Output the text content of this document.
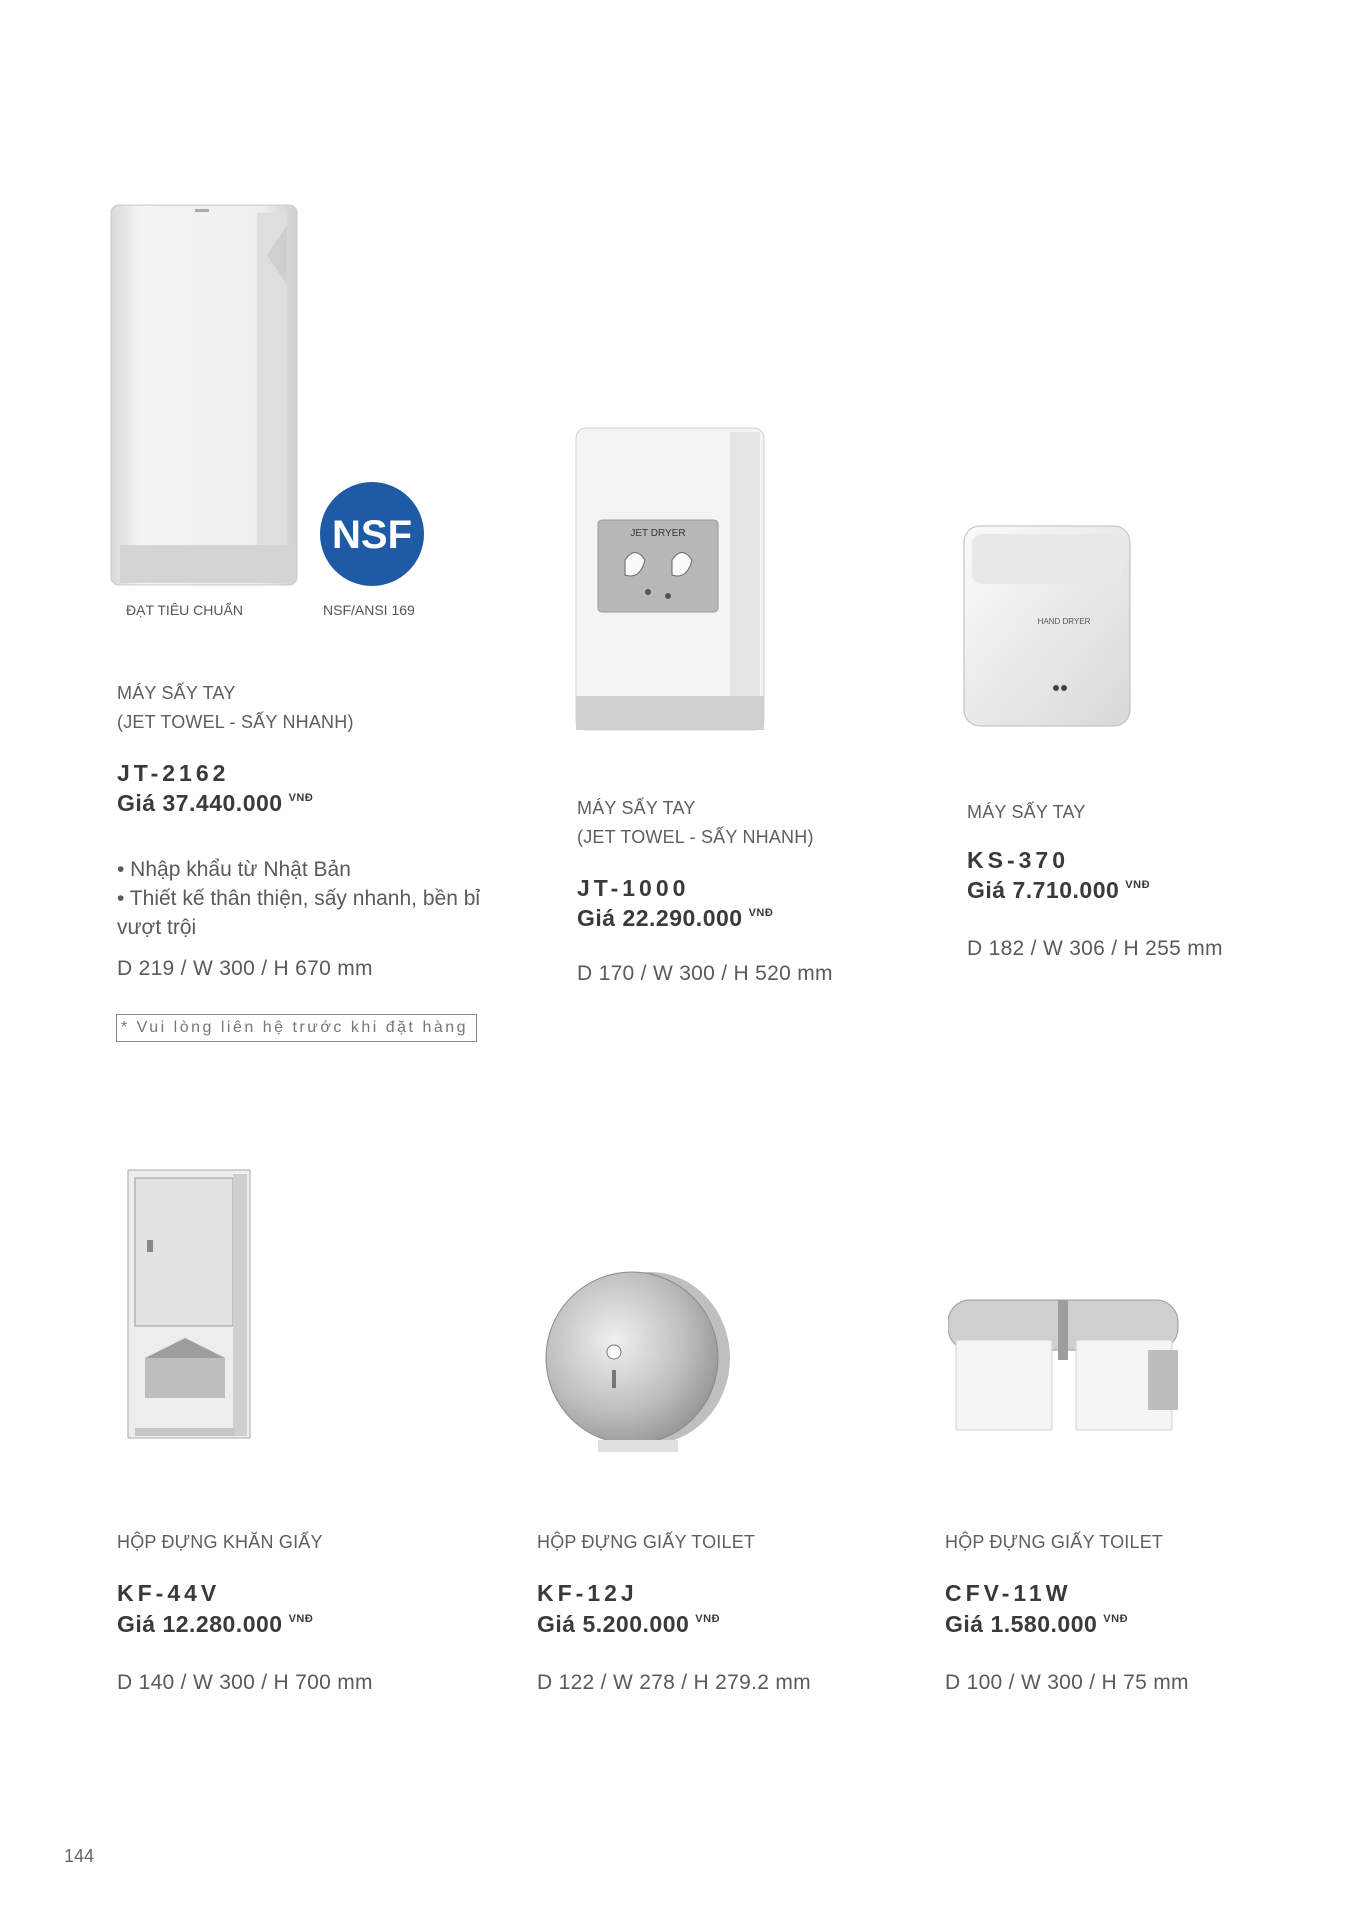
NSF
ĐẠT TIÊU CHUẨN	NSF/ANSI 169
MÁY SẤY TAY
(JET TOWEL - SẤY NHANH)
JT-2162
Giá 37.440.000 $^{VNĐ}$
• Nhập khẩu từ Nhật Bản
• Thiết kế thân thiện, sấy nhanh, bền bỉ vượt trội
D 219 / W 300 / H 670 mm
* Vui lòng liên hệ trước khi đặt hàng
JET DRYER
MÁY SẤY TAY
(JET TOWEL - SẤY NHANH)
JT-1000
Giá 22.290.000 $^{VNĐ}$
D 170 / W 300 / H 520 mm
HAND DRYER
MÁY SẤY TAY
KS-370
Giá 7.710.000 $^{VNĐ}$
D 182 / W 306 / H 255 mm
HỘP ĐỰNG KHĂN GIẤY
KF-44V
Giá 12.280.000 $^{VNĐ}$
D 140 / W 300 / H 700 mm
HỘP ĐỰNG GIẤY TOILET
KF-12J
Giá 5.200.000 $^{VNĐ}$
D 122 / W 278 / H 279.2 mm
HỘP ĐỰNG GIẤY TOILET
CFV-11W
Giá 1.580.000 $^{VNĐ}$
D 100 / W 300 / H 75 mm
144
